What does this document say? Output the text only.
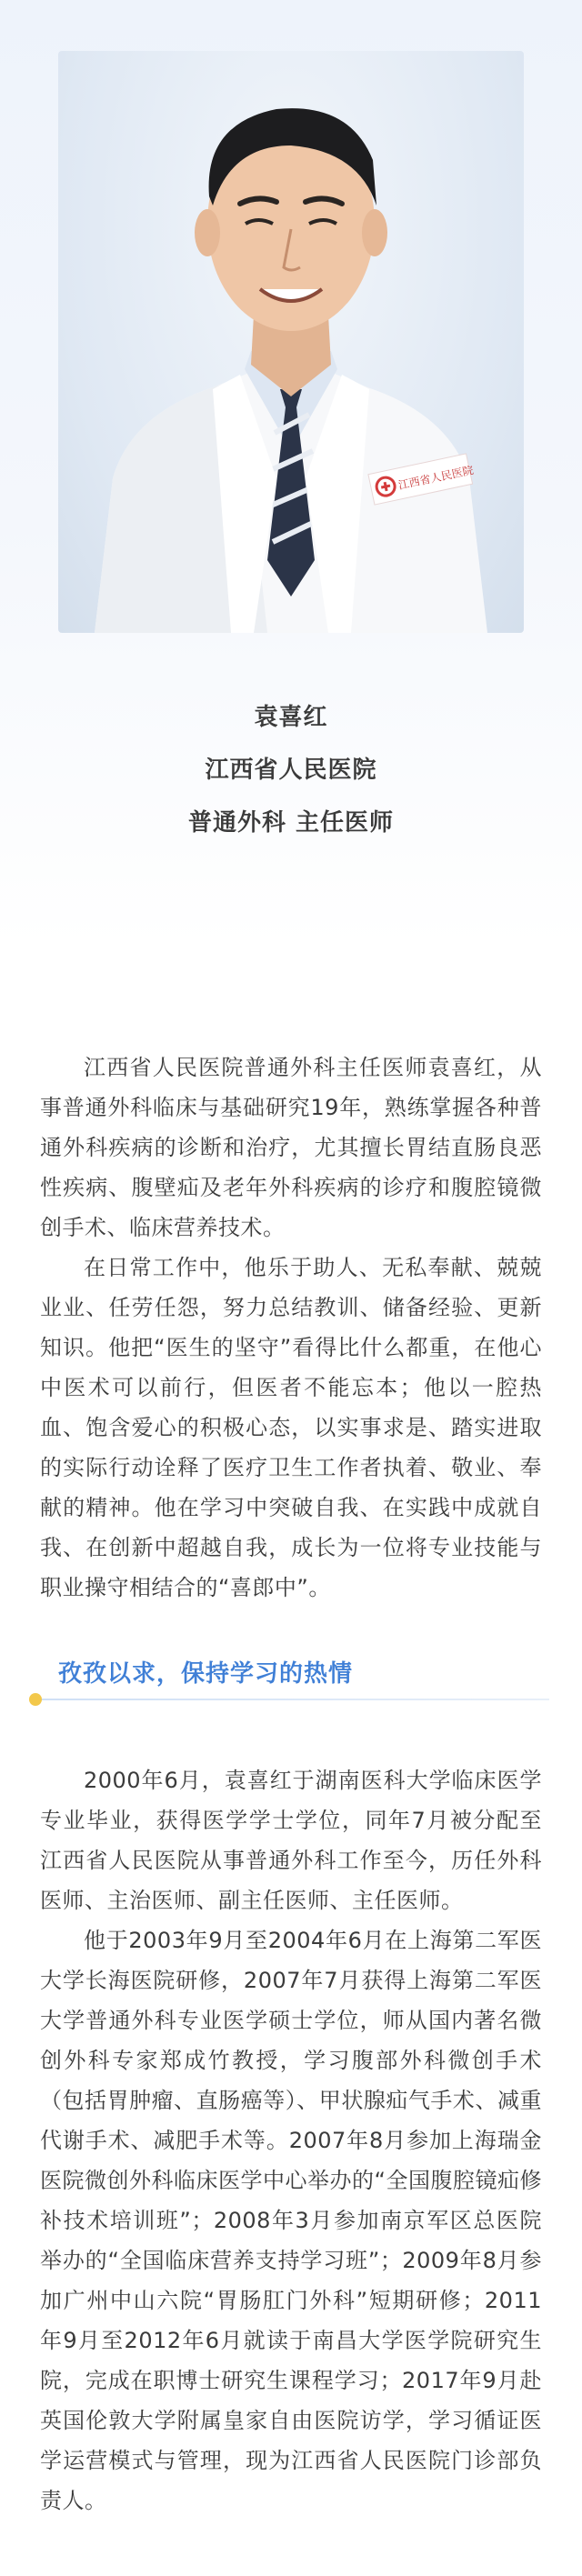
江西省人民医院
袁喜红
江西省人民医院
普通外科 主任医师

江西省人民医院普通外科主任医师袁喜红，从事普通外科临床与基础研究19年，熟练掌握各种普通外科疾病的诊断和治疗，尤其擅长胃结直肠良恶性疾病、腹壁疝及老年外科疾病的诊疗和腹腔镜微创手术、临床营养技术。

在日常工作中，他乐于助人、无私奉献、兢兢业业、任劳任怨，努力总结教训、储备经验、更新知识。他把“医生的坚守”看得比什么都重，在他心中医术可以前行，但医者不能忘本；他以一腔热血、饱含爱心的积极心态，以实事求是、踏实进取的实际行动诠释了医疗卫生工作者执着、敬业、奉献的精神。他在学习中突破自我、在实践中成就自我、在创新中超越自我，成长为一位将专业技能与职业操守相结合的“喜郎中”。

孜孜以求，保持学习的热情

2000年6月，袁喜红于湖南医科大学临床医学专业毕业，获得医学学士学位，同年7月被分配至江西省人民医院从事普通外科工作至今，历任外科医师、主治医师、副主任医师、主任医师。

他于2003年9月至2004年6月在上海第二军医大学长海医院研修，2007年7月获得上海第二军医大学普通外科专业医学硕士学位，师从国内著名微创外科专家郑成竹教授，学习腹部外科微创手术（包括胃肿瘤、直肠癌等）、甲状腺疝气手术、减重代谢手术、减肥手术等。2007年8月参加上海瑞金医院微创外科临床医学中心举办的“全国腹腔镜疝修补技术培训班”；2008年3月参加南京军区总医院举办的“全国临床营养支持学习班”；2009年8月参加广州中山六院“胃肠肛门外科”短期研修；2011年9月至2012年6月就读于南昌大学医学院研究生院，完成在职博士研究生课程学习；2017年9月赴英国伦敦大学附属皇家自由医院访学，学习循证医学运营模式与管理，现为江西省人民医院门诊部负责人。
